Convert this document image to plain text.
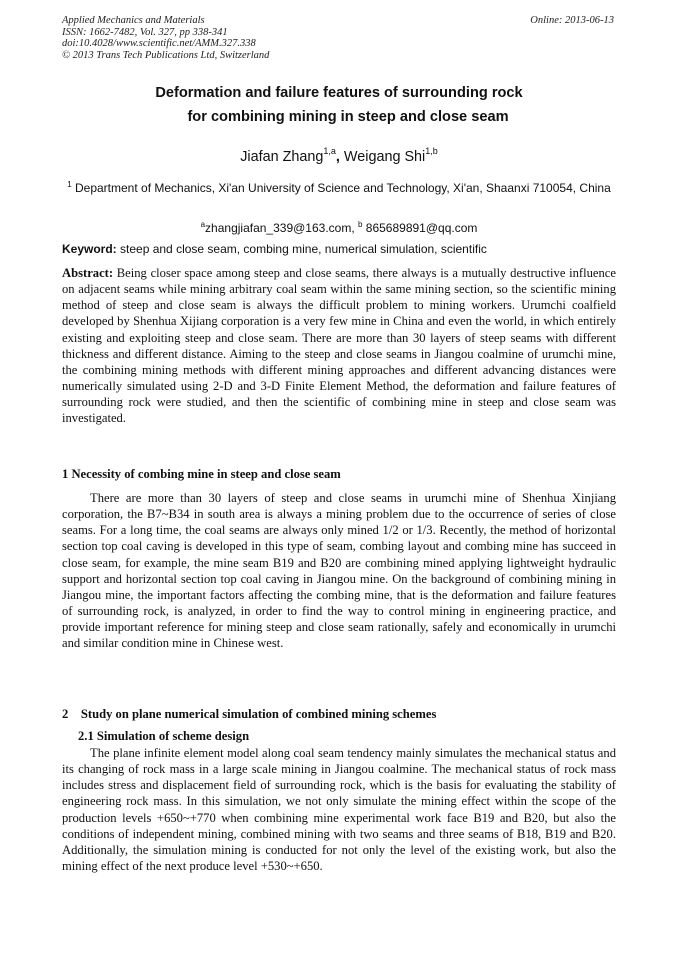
Applied Mechanics and Materials
ISSN: 1662-7482, Vol. 327, pp 338-341
doi:10.4028/www.scientific.net/AMM.327.338
© 2013 Trans Tech Publications Ltd, Switzerland
Online: 2013-06-13
Deformation and failure features of surrounding rock
for combining mining in steep and close seam
Jiafan Zhang$^{1,a}$, Weigang Shi$^{1,b}$
$^1$ Department of Mechanics, Xi'an University of Science and Technology, Xi'an, Shaanxi 710054, China
$^a$zhangjiafan_339@163.com, $^b$ 865689891@qq.com
Keyword: steep and close seam, combing mine, numerical simulation, scientific
Abstract: Being closer space among steep and close seams, there always is a mutually destructive influence on adjacent seams while mining arbitrary coal seam within the same mining section, so the scientific mining method of steep and close seam is always the difficult problem to mining workers. Urumchi coalfield developed by Shenhua Xijiang corporation is a very few mine in China and even the world, in which entirely existing and exploiting steep and close seam. There are more than 30 layers of steep seams with different thickness and different distance. Aiming to the steep and close seams in Jiangou coalmine of urumchi mine, the combining mining methods with different mining approaches and different advancing distances were numerically simulated using 2-D and 3-D Finite Element Method, the deformation and failure features of surrounding rock were studied, and then the scientific of combining mine in steep and close seam was investigated.
1 Necessity of combing mine in steep and close seam
There are more than 30 layers of steep and close seams in urumchi mine of Shenhua Xinjiang corporation, the B7~B34 in south area is always a mining problem due to the occurrence of series of close seams. For a long time, the coal seams are always only mined 1/2 or 1/3. Recently, the method of horizontal section top coal caving is developed in this type of seam, combing layout and combing mine has succeed in close seam, for example, the mine seam B19 and B20 are combining mined applying lightweight hydraulic support and horizontal section top coal caving in Jiangou mine. On the background of combining mining in Jiangou mine, the important factors affecting the combing mine, that is the deformation and failure features of surrounding rock, is analyzed, in order to find the way to control mining in engineering practice, and provide important reference for mining steep and close seam rationally, safely and economically in urumchi and similar condition mine in Chinese west.
2    Study on plane numerical simulation of combined mining schemes
2.1 Simulation of scheme design
The plane infinite element model along coal seam tendency mainly simulates the mechanical status and its changing of rock mass in a large scale mining in Jiangou coalmine. The mechanical status of rock mass includes stress and displacement field of surrounding rock, which is the basis for evaluating the stability of engineering rock mass. In this simulation, we not only simulate the mining effect within the scope of the production levels +650~+770 when combining mine experimental work face B19 and B20, but also the conditions of independent mining, combined mining with two seams and three seams of B18, B19 and B20. Additionally, the simulation mining is conducted for not only the level of the existing work, but also the mining effect of the next produce level +530~+650.
